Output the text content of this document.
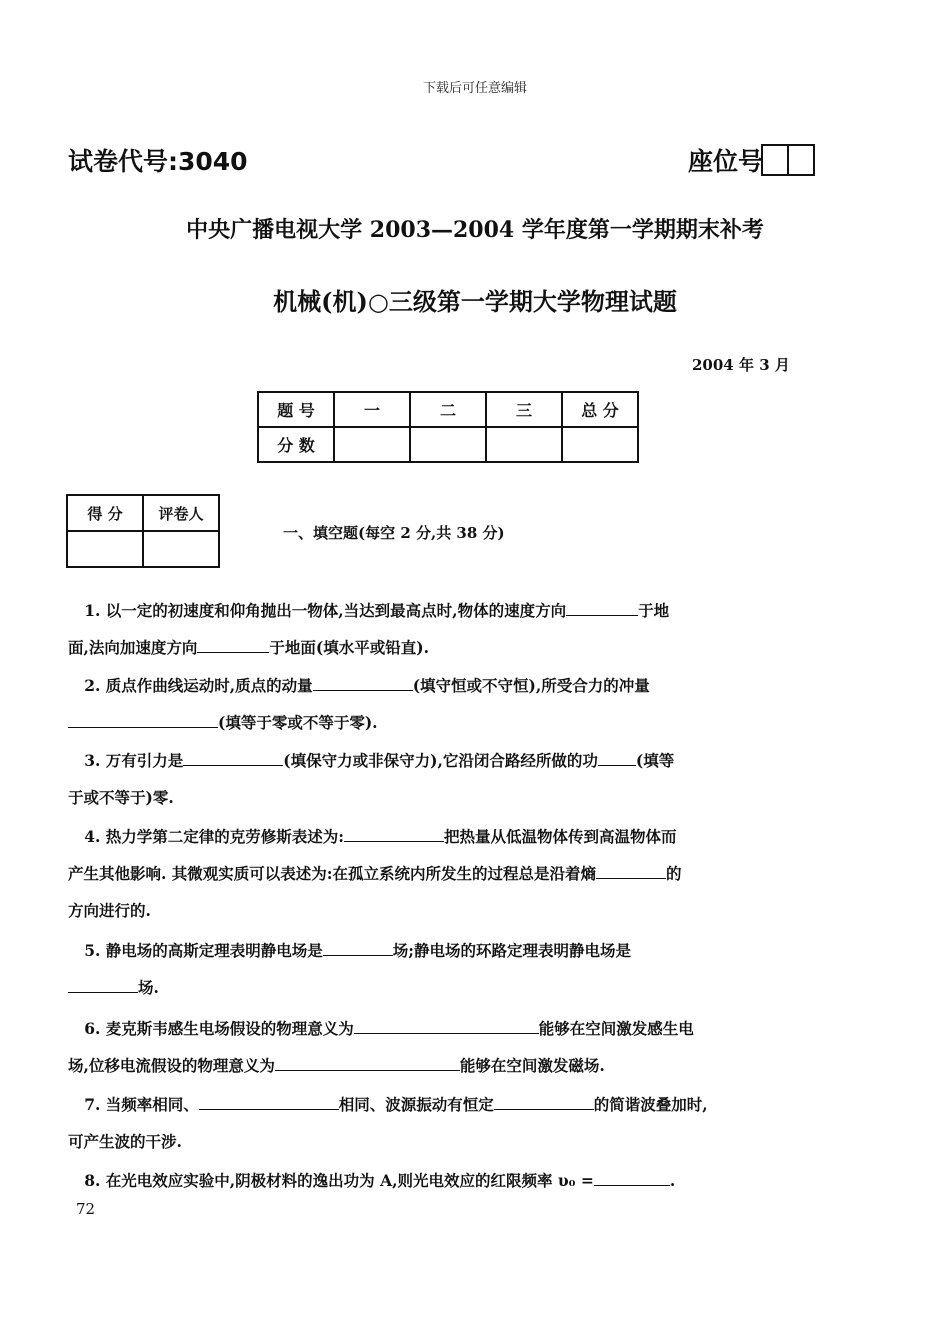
下载后可任意编辑
试卷代号:3040	座位号
中央广播电视大学 2003—2004 学年度第一学期期末补考
机械(机)○三级第一学期大学物理试题
2004 年 3 月
题 号	一	二	三	总 分
分 数				
得 分	评卷人

一、填空题(每空 2 分,共 38 分)
1. 以一定的初速度和仰角抛出一物体,当达到最高点时,物体的速度方向	于地
面,法向加速度方向	于地面(填水平或铅直).
2. 质点作曲线运动时,质点的动量	(填守恒或不守恒),所受合力的冲量
(填等于零或不等于零).
3. 万有引力是	(填保守力或非保守力),它沿闭合路经所做的功 (填等
于或不等于)零.
4. 热力学第二定律的克劳修斯表述为:	把热量从低温物体传到高温物体而
产生其他影响. 其微观实质可以表述为:在孤立系统内所发生的过程总是沿着熵	的
方向进行的.
5. 静电场的高斯定理表明静电场是	场;静电场的环路定理表明静电场是
场.
6. 麦克斯韦感生电场假设的物理意义为	能够在空间激发感生电
场,位移电流假设的物理意义为	能够在空间激发磁场.
7. 当频率相同、	相同、波源振动有恒定	的简谐波叠加时,
可产生波的干涉.
8. 在光电效应实验中,阴极材料的逸出功为 A,则光电效应的红限频率 υ₀ =	.
72
